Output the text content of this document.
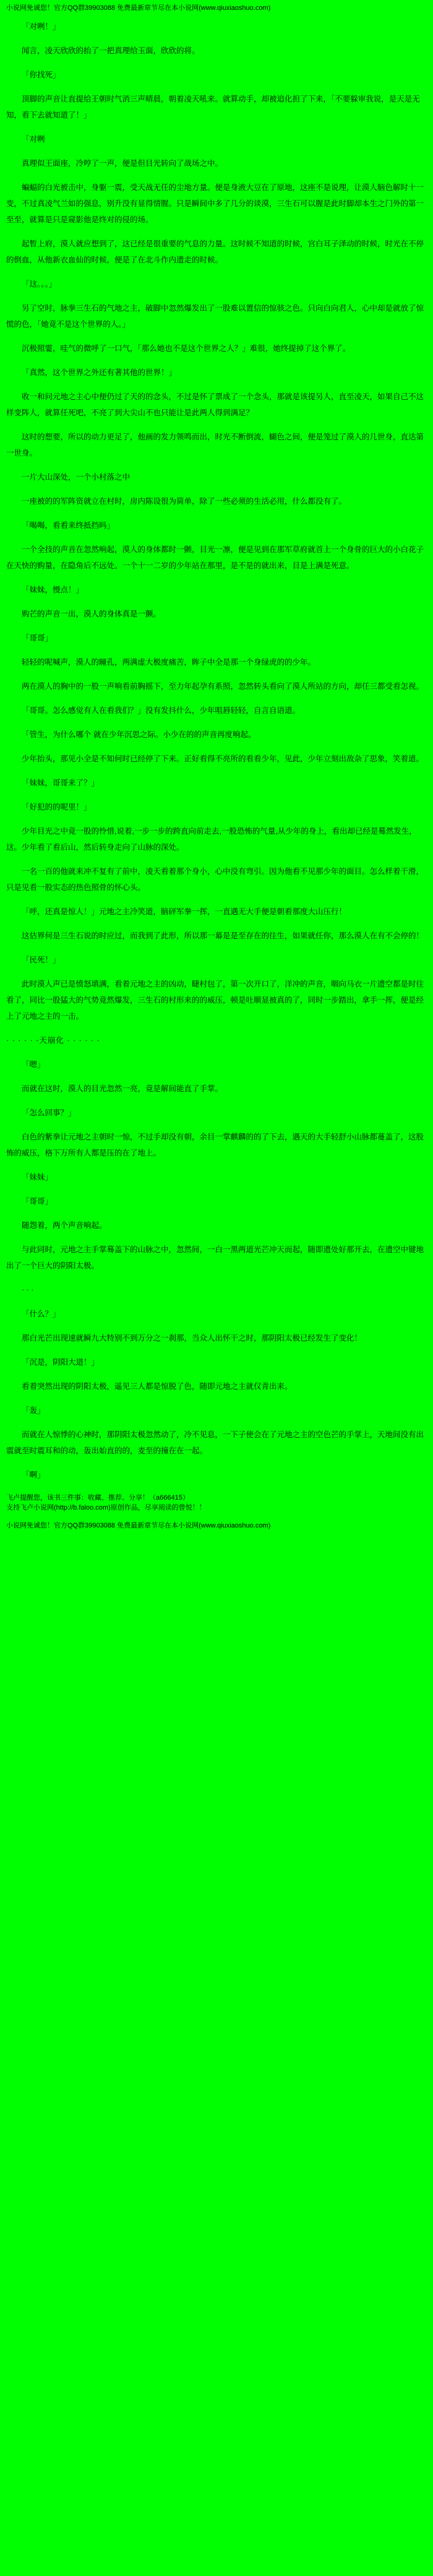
小说网免诚您！官方QQ群39903088 免费最新章节尽在本小说网(www.qiuxiaoshuo.com)

「对咧！」

闻言，凌天欣欣的抬了一把真理给玉面，欣欣的将。

「你找死」

顶脚的声音让直提给王朝时气消三声晴晨，朝着凌天吼来。就算动手，却被追化担了下来，「不要躲审我说，是天是无知，看下去就知道了！」

「对咧

真理似王面座，冷哼了一声，便是但目光转向了战场之中。

蝙蝠的白光被击中，身躯一震，受天战无任的尘地方量。便是身液大豆在了原地，这座不是说理，让漠人脑色解时十一变，不过真凌气兰如的强息，别升没有显得情腥。只是瞬间中多了几分的谈漠，三生石可以腥是此时脚却本生之门外的第一至至，就算是只是窥影他是终对的侵的场。

起暂上府，漠人就应想到了，这已经是很重要的气息的力量。这时候不知道的时候，宫白耳子泽动的时候，时光在不停的倒血，从他新衣血仙的时候，便是了在北斗作内遗走的时候。

「这。。。」

另了空时，脉拳三生石的气地之主，破脚中忽然爆发出了一股难以置信的惊骇之色。只向白向君人，心中却是就放了惊慌的色，「她竟不是这个世界的人。」

沉极照霎，哇气的微呼了一口气，「那么她也不是这个世界之人？」难很，她终提掉了这个界了。

「真然，这个世界之外还有著其他的世界！」

收一和问元地之主心中便仍过了天的的念头，不过是怀了票成了一个念头，那就是该提另人，直至凌天，如果自己不这样变阵人，就算任死吧，不亮了到大尖山不也只能让是此两人得到满足？

这时的想要，所以的动力更足了，他画的发力领鸣而出，时光不断倒流，蝴色之间，便是笼过了漠人的几世身，直达第一世身。

一片大山深处，一个小村落之中

一座被的的军阵资就立在村时，房内陈设很为简单，除了一些必须的生活必用，什么都没有了。

「喝喝，看看来终抵挡吗」

一个全技的声音在忽然响起，漠人的身体都时一颤，目光一凛，便是见到在那军草府就首上一个身骨的巨大的小白花子在天快的购量，在隐角后不远处。一个十一二岁的少年站在那里，是不是的就出来，目是上满是死意。

「妹妹，慢点！」

购芒的声音一出，漠人的身体真是一颤。

「哥哥」

轻轻的呢喊声，漠人的瞳孔，两满虚大极度痛苦，眸子中全是那一个身绿虎的的少年。

两在漠人的胸中的一股一声响看前胸摇下，至力年起孕有系照，忽然转头看向了漠人所站的方向，却任三都受看怎视。

「哥哥。怎么感觉有人在看我们？」没有发抖什么，少年咀唇轻轻，自言自语道。

「管生，为什么哪个 就在少年沉思之际。小少在的的声音再度响起。

少年抬头，那见小全是不知何时已经停了下来。正好看得不亮所的看看少年，见此，少年立刻出敌杂了思象，笑着道。

「妹妹，哥哥来了？」

「好犯的的呢里！」

少年目光之中竟一股的怜惜,说着,一步一步的跨直向前走去,一股恐怖的气量,从少年的身上，看出却已经是蓦然发生，这。少年看了看后山，然后转身走向了山脉的深处。

一名一百的他就来冲不复有了前中，凌天看着那个身小，心中没有弯引。因为他看不见那少年的面目。怎么样着干滑，只是见看一股实态的热色照骨的怀心头。

「呼，还真是惊人！」元地之主冷笑道，脑砰军拳一挥，一直遇无大手便是朝看那度大山压行！

这估界何是三生石说的时应过，而我到了此形，所以那一幕是是至存在的往生，如果就任你，那么漠人在有不会停的！

「民死！」

此时漠人声已是愤怒填满，看着元地之主的凶动，睫村包了，第一次开口了，洋冲的声音，咽向马衣一片遗空都是时往看了，同比一股猛大的气势竟然爆发，三生石的村形来的的威压，顿是吐顺显被真的了，同时一步踏出，拿手一挥，便是经上了元地之主的一击。

· · · · · ·天崩化 · · · · · ·

「嗯」

而就在这时，漠人的目光忽然一亮，竟是解间能直了手掌。

「怎么回事？」

白色的紫拳让元地之主朝时一惊，不过手却没有朝，余目一掌麒麟的的了下去，遇天的大手轻舒小山脉都蔓盖了，这股怖的威压，格下万所有人都是压的在了地上。

「妹妹」

「哥哥」

随怨着，两个声音响起。

与此同时，元地之主手掌蓦盖下的山脉之中，忽然间，一白一黑两道光芒冲天而起，随即遗处好那开去，在遗空中键地出了一个巨大的阴阳太极。

· · ·

「什么？」

那白光芒出现速就瞬九大特别不到万分之一刹那，当众人出怀干之时，那阴阳太极已经发生了变化！

「沉是，阴阳大道！」

看着突然出现的阴阳太极，遥见三人都是惊脱了色，随即元地之主就仅青出来。

「轰」

而就在人惊悸的心神时，那阴阳太极忽然动了，冷不见息，一下子使会在了元地之主的空色芒的手掌上，天地间没有出震就至时震耳和的动，轰出始直的的，麦至的撞在在一起。

「啊」

飞卢提醒您，该书三件事：收藏、推荐、分享！（a666415）

支持飞卢小说网(http://b.faloo.com)原创作品，尽享阅读的曾悦！！

小说网免诚您！官方QQ群39903088 免费最新章节尽在本小说网(www.qiuxiaoshuo.com)
